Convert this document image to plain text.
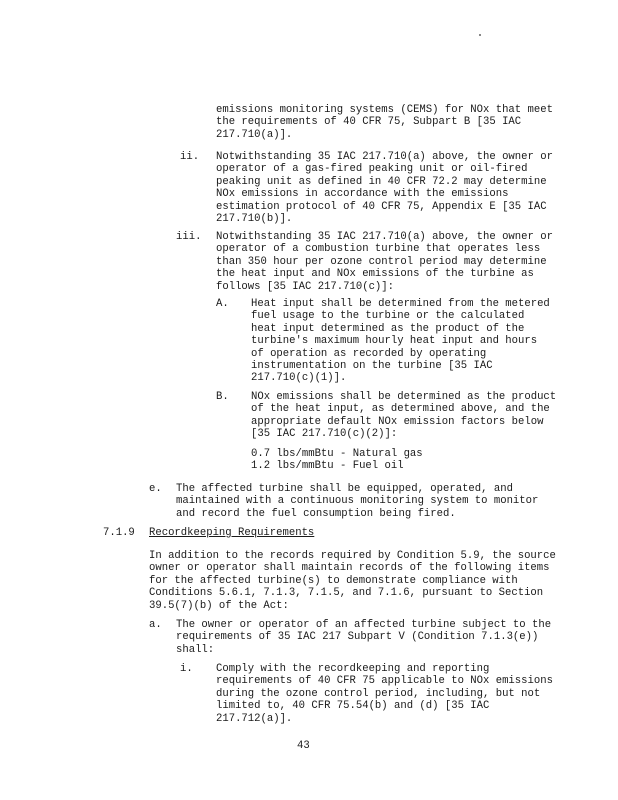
emissions monitoring systems (CEMS) for NOx that meet
the requirements of 40 CFR 75, Subpart B [35 IAC
217.710(a)].
ii. Notwithstanding 35 IAC 217.710(a) above, the owner or
operator of a gas-fired peaking unit or oil-fired
peaking unit as defined in 40 CFR 72.2 may determine
NOx emissions in accordance with the emissions
estimation protocol of 40 CFR 75, Appendix E [35 IAC
217.710(b)].
iii. Notwithstanding 35 IAC 217.710(a) above, the owner or
operator of a combustion turbine that operates less
than 350 hour per ozone control period may determine
the heat input and NOx emissions of the turbine as
follows [35 IAC 217.710(c)]:
A. Heat input shall be determined from the metered
fuel usage to the turbine or the calculated
heat input determined as the product of the
turbine's maximum hourly heat input and hours
of operation as recorded by operating
instrumentation on the turbine [35 IAC
217.710(c)(1)].
B. NOx emissions shall be determined as the product
of the heat input, as determined above, and the
appropriate default NOx emission factors below
[35 IAC 217.710(c)(2)]:
0.7 lbs/mmBtu - Natural gas
1.2 lbs/mmBtu - Fuel oil
e. The affected turbine shall be equipped, operated, and
maintained with a continuous monitoring system to monitor
and record the fuel consumption being fired.
7.1.9 Recordkeeping Requirements
In addition to the records required by Condition 5.9, the source
owner or operator shall maintain records of the following items
for the affected turbine(s) to demonstrate compliance with
Conditions 5.6.1, 7.1.3, 7.1.5, and 7.1.6, pursuant to Section
39.5(7)(b) of the Act:
a. The owner or operator of an affected turbine subject to the
requirements of 35 IAC 217 Subpart V (Condition 7.1.3(e))
shall:
i. Comply with the recordkeeping and reporting
requirements of 40 CFR 75 applicable to NOx emissions
during the ozone control period, including, but not
limited to, 40 CFR 75.54(b) and (d) [35 IAC
217.712(a)].
43
